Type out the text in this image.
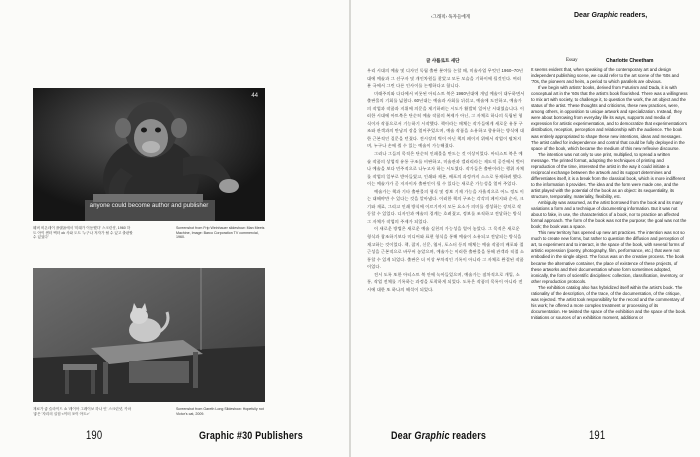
44
anyone could become author and publisher
웨버 비온데이 플랫폼에서 '미래가 이동했다' 스크린샷, 1960 하트 아이 센터 벡터 ok 사와 도트 '누구나 저자가 될 수 있고 출판할 수 있었다'
Screenshot from Frip Weinhauer slideshow: Man Meets Machine, Image: Barco Corporation TV commercial, 1960.
재료가 좋 슬라이드 쇼 '레이아 그레이보 하나 인' 스크린샷, 카마 '좋은 '자리의 실험 <이터 포이 아트>'
Screenshot from Gareth Long Slideshow: Hopefully not Victor's cat, 2009.
190	Graphic #30 Publishers
‹그래픽› 독자들에게	Dear Graphic readers,
글 샤를로트 새단	Essay	Charlotte Cheetham

우리 시대의 예술 및 디자인 독립 출판 분야를 논할 때, 미술사업 무엇인 1960–70년대에 예술과 그 선구자 및 개인차원들 찾았고 모든 모습을 기하이에 될것인다. 여러분 국에서 그린 다른 인사이를 논쟁하다고 합니다.

미래주의와 다다에서 비롯된 아티스트 북은 1960년대에 개념 예술이 대두하면서 출판물의 기회를 넓혔다. 60년대는 예술과 사회를 뒤섞고, 예술에 도전하고, 예술가의 작업과 작품과 지위에 의문을 제기하려는 시도가 활발히 일어난 시대였습니다. 이러한 시대에 아트북은 단순히 예술 작품의 복제가 아닌, 그 자체로 하나의 독립된 형식이자 작품으로서 기능하기 시작했다. 책이라는 매체는 작가들에게 새로운 유통 구조와 관객과의 만남의 장을 열어주었으며, 예술 작품을 소유하고 향유하는 방식에 대한 근본적인 질문을 던졌다. 전시장의 벽이 아닌 책의 페이지 위에서 작업이 펼쳐지며, 누구나 손에 쥘 수 있는 예술이 가능해졌다.

그러나 그들의 목적은 단순히 인쇄물을 만드는 것 이상이었다. 아티스트 북은 예술 작품의 상업적 유통 구조를 비판하고, 미술관과 갤러리라는 제도적 공간에서 벗어나 예술을 보다 민주적으로 나누고자 하는 시도였다. 작가들은 출판이라는 행위 자체를 작업의 일부로 받아들였고, 인쇄와 제본, 배포의 과정까지 스스로 통제하려 했다. 이는 예술가가 곧 저자이자 출판인이 될 수 있다는 새로운 가능성을 열어 주었다.

예술가는 책과 기타 출판물의 형식 및 정보 기제 가능을 자율적으로 어느 정도 이는 대해야만 수 있다는 것을 알아냈다. 이러한 책의 구조는 각각의 페이지와 순서, 크기와 재료, 그리고 인쇄 방식에 이르기까지 모든 요소가 의미를 생성하는 장치로 작동할 수 있었다. 디자인과 예술의 경계는 흐려졌고, 정보를 조직하고 전달하는 방식 그 자체가 작업의 주제가 되었다.

이 새로운 방법은 새로운 예술 실천의 가능성을 열어 놓았다. 그 목적은 새로운 형식과 참조하기보다 미디어와 표현 형식을 통해 예술이 소유되고 전달되는 방식을 재고하는 것이었다. 책, 잡지, 신문, 엽서, 포스터 등의 매체는 예술 작품의 배포와 접근성을 근본적으로 바꾸어 놓았으며, 예술가는 이러한 출판물을 통해 관객과 직접 소통할 수 있게 되었다. 출판은 더 이상 부차적인 기록이 아니라 그 자체로 완결된 작품이었다.

전시 도록 또한 아티스트 북 안에 녹아들었으며, 예술가는 점차적으로 개입, 소통, 작업 전체를 기록하는 과정을 포착하게 되었다. 도록은 작품의 목록이 아니라 전시에 대한 또 하나의 해석이 되었다.

It seems evident that, when speaking of the contemporary art and design independent publishing scene, we could refer to the art scene of the '60s and '70s, the pioneers and heirs, a period to which parallels are obvious.

If we begin with artists' books, derived from Futurism and Dada, it is with conceptual art in the '60s that the artist's book flourished. There was a willingness to mix art with society, to challenge it, to question the work, the art object and the status of the artist. These thoughts and criticisms, these new practices, were, among others, in opposition to unique artwork and specialization. Instead, they were about borrowing from everyday life its ways, supports and media of expression for artistic experimentation, and to democratize that experimentation's distribution, reception, perception and relationship with the audience. The book was entirely appropriated to shape these new intentions, ideas and messages. The artist called for independence and control that could be fully deployed in the space of the book, which became the medium of this new reflexive discourse.

The intention was not only to use print, multiplied, to spread a written message. The printed format, adopting the techniques of printing and reproduction of the time, interested the artist in the way it could initiate a reciprocal exchange between the artwork and its support determines and differentiates itself, it is a break from the classical book, which is more indifferent to the information it provides. The idea and the form were made one, and the artist played with the potential of the book as an object: its sequentiality, its structure, temporality, materiality, flexibility, etc.

Ambiguity was assumed, as the artist borrowed from the book and its many variations a form and a technique of documenting information. But it was not about to fake, in use, the characteristics of a book, nor to practice an affected formal approach. The form of the book was not the purpose; the goal was not the book; the book was a space.

This new territory has opened up new art practices. The intention was not so much to create new forms, but rather to question the diffusion and perception of art, to experiment and to interact, in the space of the book, with several forms of artistic expression (poetry, photography, film, performance, etc.) that were not embodied in the single object. The focus was on the creative process. The book became the alternative container, the place of existence of these projects, of these artworks and their documentation whose form sometimes adopted, ironically, the form of scientific disciplines: collection, classification, inventory, or other reproduction protocols.

The exhibition catalog also has hybridized itself within the artist's book. The rationality of the description, of the trace, of the documentation, of the critique, was rejected. The artist took responsibility for the record and the commentary of his work; he offered a more complex treatment or processing of its documentation. He twisted the space of the exhibition and the space of the book. Initiations or sources of an exhibition moment, additions or

Dear Graphic readers	191
